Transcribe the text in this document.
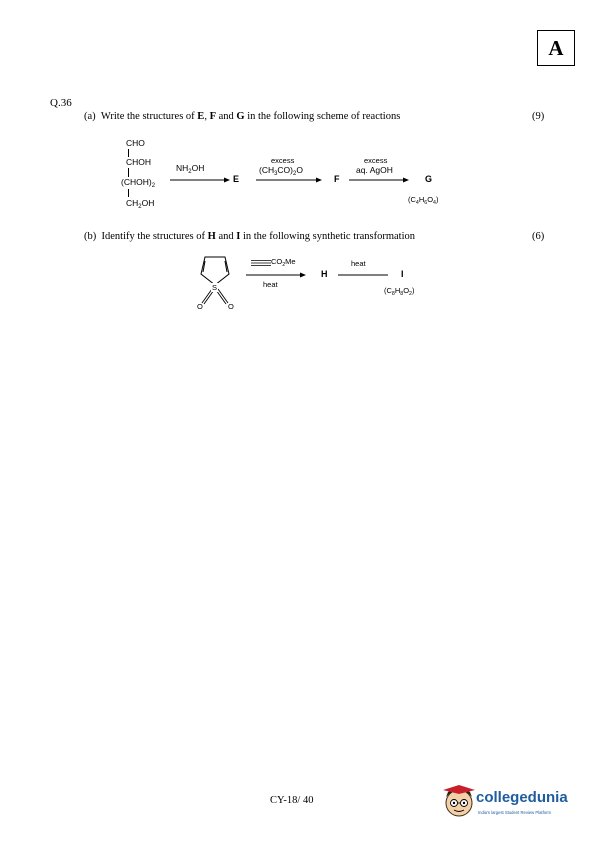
A
Q.36
(a) Write the structures of E, F and G in the following scheme of reactions	(9)
CHO
CHOH
$(CHOH)_2$
$CH_2OH$
$NH_2OH$
E
excess
$(CH_3CO)_2O$
F
excess
aq. AgOH
G
$(C_4H_6O_4)$
(b) Identify the structures of H and I in the following synthetic transformation	(6)
S
O	O
$CO_2Me$
heat
H
heat
I
$(C_8H_8O_2)$
CY-18/ 40	collegedunia
India's largest Student Review Platform
